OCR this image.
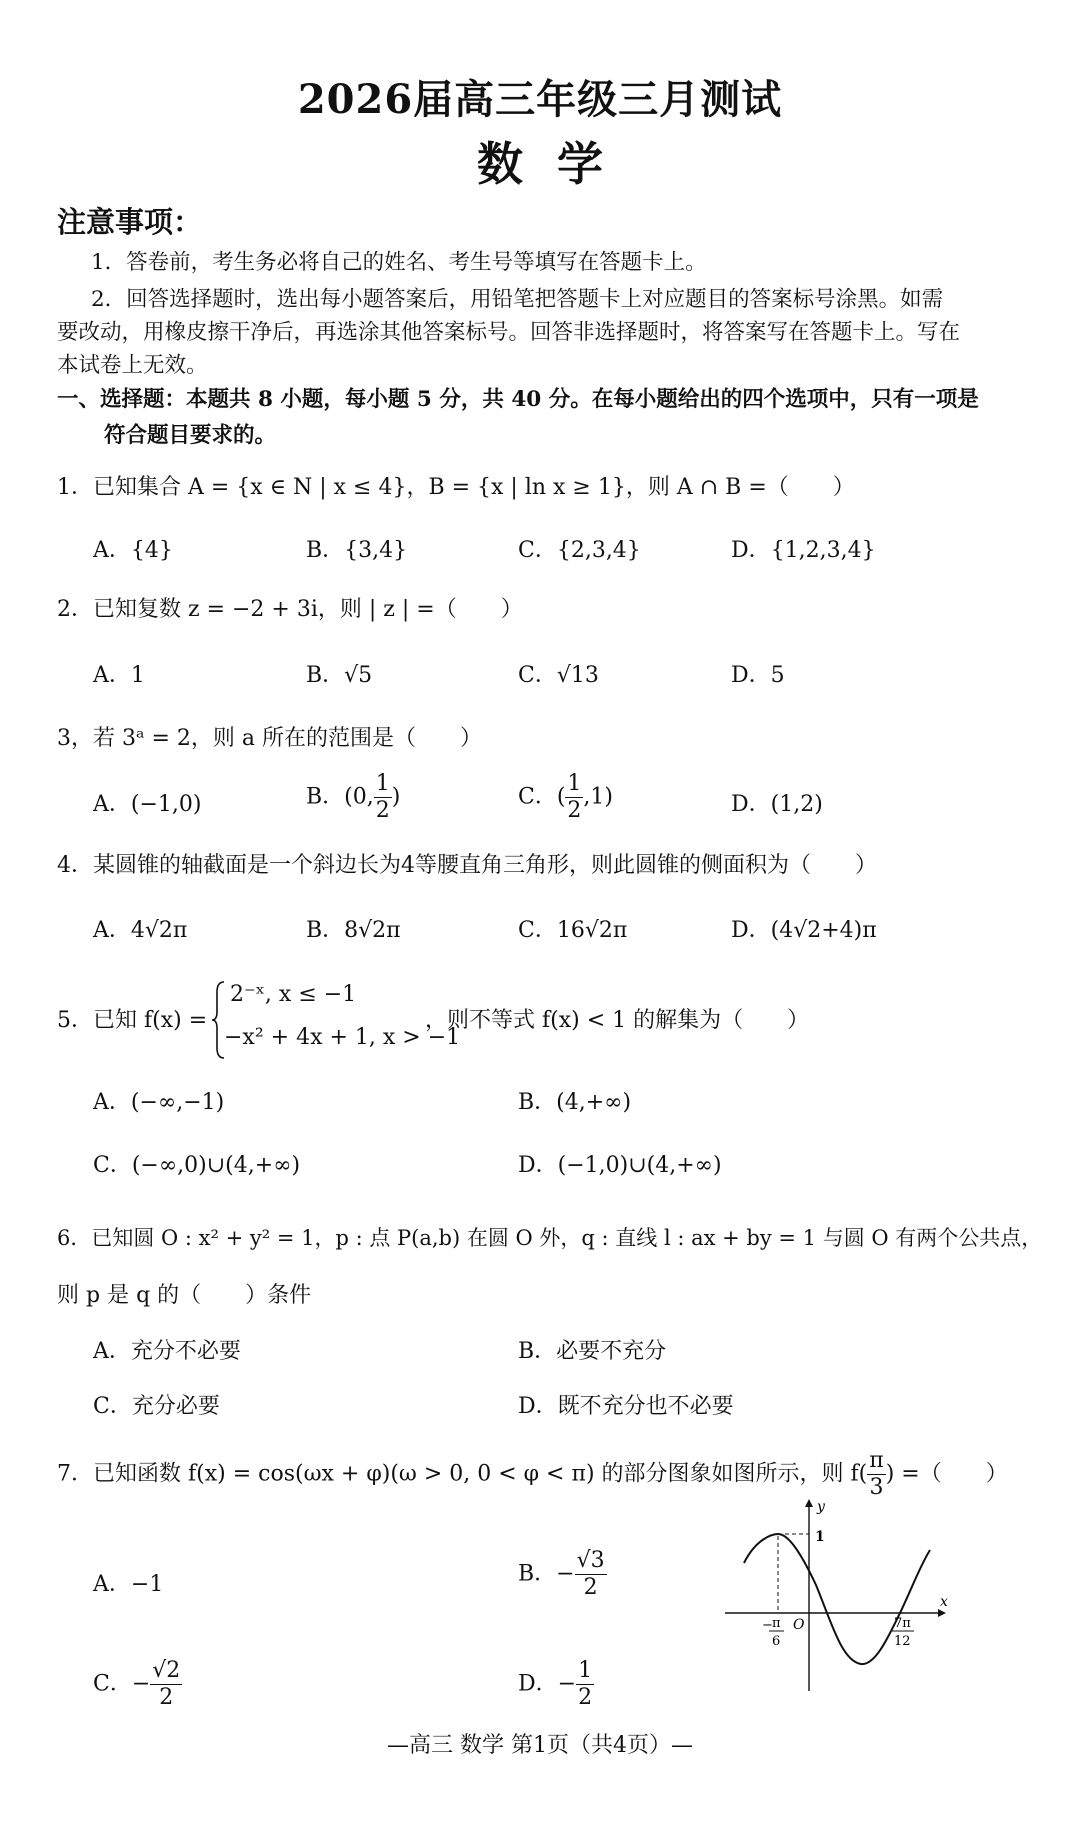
2026届高三年级三月测试
数学
注意事项：
1．答卷前，考生务必将自己的姓名、考生号等填写在答题卡上。
2．回答选择题时，选出每小题答案后，用铅笔把答题卡上对应题目的答案标号涂黑。如需
要改动，用橡皮擦干净后，再选涂其他答案标号。回答非选择题时，将答案写在答题卡上。写在
本试卷上无效。
一、选择题：本题共 8 小题，每小题 5 分，共 40 分。在每小题给出的四个选项中，只有一项是
符合题目要求的。
1．已知集合 A = {x ∈ N | x ≤ 4}，B = {x | ln x ≥ 1}，则 A ∩ B =（　　）
A．{4}	B．{3,4}	C．{2,3,4}	D．{1,2,3,4}
2．已知复数 z = −2 + 3i，则 | z | =（　　）
A．1	B．√5	C．√13	D．5
3，若 3ᵃ = 2，则 a 所在的范围是（　　）
A．(−1,0)	B．(0, $\frac{1}{2}$ )	C．( $\frac{1}{2} ,1$)	D．(1,2)
4．某圆锥的轴截面是一个斜边长为4等腰直角三角形，则此圆锥的侧面积为（　　）
A．4√2π	B．8√2π	C．16√2π	D．(4√2+4)π
5．已知 f(x) =
2⁻ˣ, x ≤ −1
−x² + 4x + 1, x > −1
，则不等式 f(x) < 1 的解集为（　　）
A．(−∞,−1)	B．(4,+∞)
C．(−∞,0)∪(4,+∞)	D．(−1,0)∪(4,+∞)
6．已知圆 O : x² + y² = 1，p : 点 P(a,b) 在圆 O 外，q : 直线 l : ax + by = 1 与圆 O 有两个公共点，
则 p 是 q 的（　　）条件
A．充分不必要	B．必要不充分
C．充分必要	D．既不充分也不必要
7．已知函数 f(x) = cos(ωx + φ)(ω > 0, 0 < φ < π) 的部分图象如图所示，则 $f( \frac{\pi}{3}$ ) =（　　）
A．−1	B．− $\frac{√3}{2}$
C．− $\frac{√2}{2}$	D．− $\frac{1}{2}$
y
x
O
1
− π
6
7π
12
—高三 数学 第1页（共4页）—
